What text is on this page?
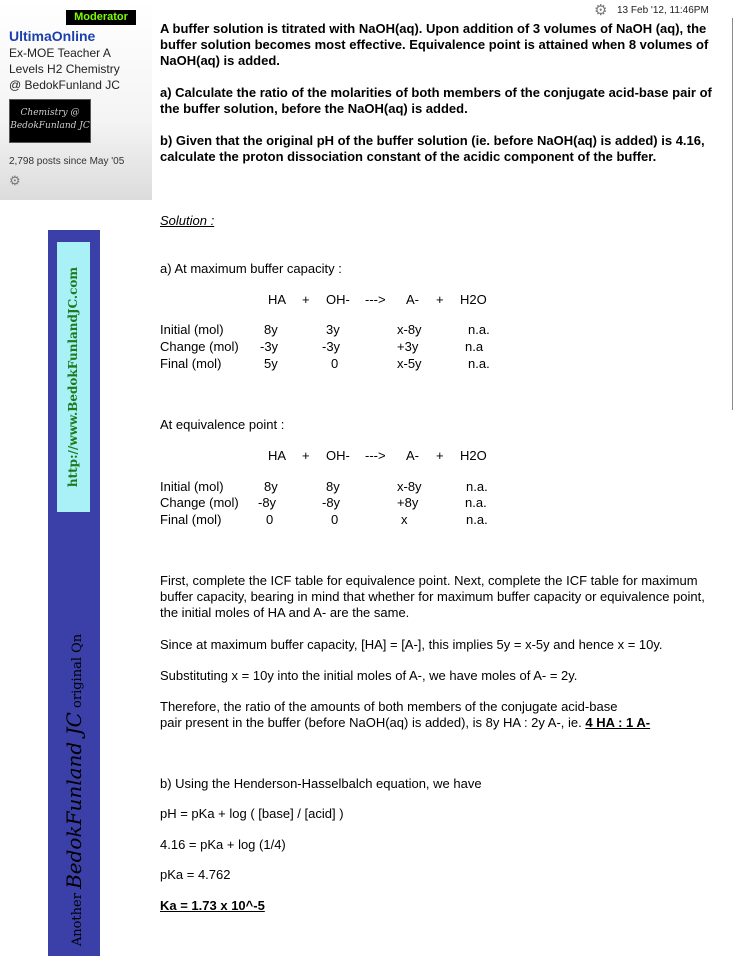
Moderator
UltimaOnline
Ex-MOE Teacher A
Levels H2 Chemistry
@ BedokFunland JC
Chemistry @
BedokFunland JC
2,798 posts since May '05
⚙
http://www.BedokFunlandJC.com
Another BedokFunland JC original Qn
⚙ 13 Feb '12, 11:46PM
A buffer solution is titrated with NaOH(aq). Upon addition of 3 volumes of NaOH (aq), the buffer solution becomes most effective. Equivalence point is attained when 8 volumes of NaOH(aq) is added.
a) Calculate the ratio of the molarities of both members of the conjugate acid-base pair of the buffer solution, before the NaOH(aq) is added.
b) Given that the original pH of the buffer solution (ie. before NaOH(aq) is added) is 4.16, calculate the proton dissociation constant of the acidic component of the buffer.
Solution :
a) At maximum buffer capacity :
HA + OH- ---> A- + H2O
Initial (mol)	8y	3y	x-8y	n.a.
Change (mol) -3y	-3y	+3y	n.a
Final (mol)	5y	0	x-5y	n.a.
At equivalence point :
HA + OH- ---> A- + H2O
Initial (mol)	8y	8y	x-8y	n.a.
Change (mol) -8y	-8y	+8y	n.a.
Final (mol)	0	0	x	n.a.
First, complete the ICF table for equivalence point. Next, complete the ICF table for maximum buffer capacity, bearing in mind that whether for maximum buffer capacity or equivalence point, the initial moles of HA and A- are the same.
Since at maximum buffer capacity, [HA] = [A-], this implies 5y = x-5y and hence x = 10y.
Substituting x = 10y into the initial moles of A-, we have moles of A- = 2y.
Therefore, the ratio of the amounts of both members of the conjugate acid-base
pair present in the buffer (before NaOH(aq) is added), is 8y HA : 2y A-, ie. 4 HA : 1 A-
b) Using the Henderson-Hasselbalch equation, we have
pH = pKa + log ( [base] / [acid] )
4.16 = pKa + log (1/4)
pKa = 4.762
Ka = 1.73 x 10^-5
